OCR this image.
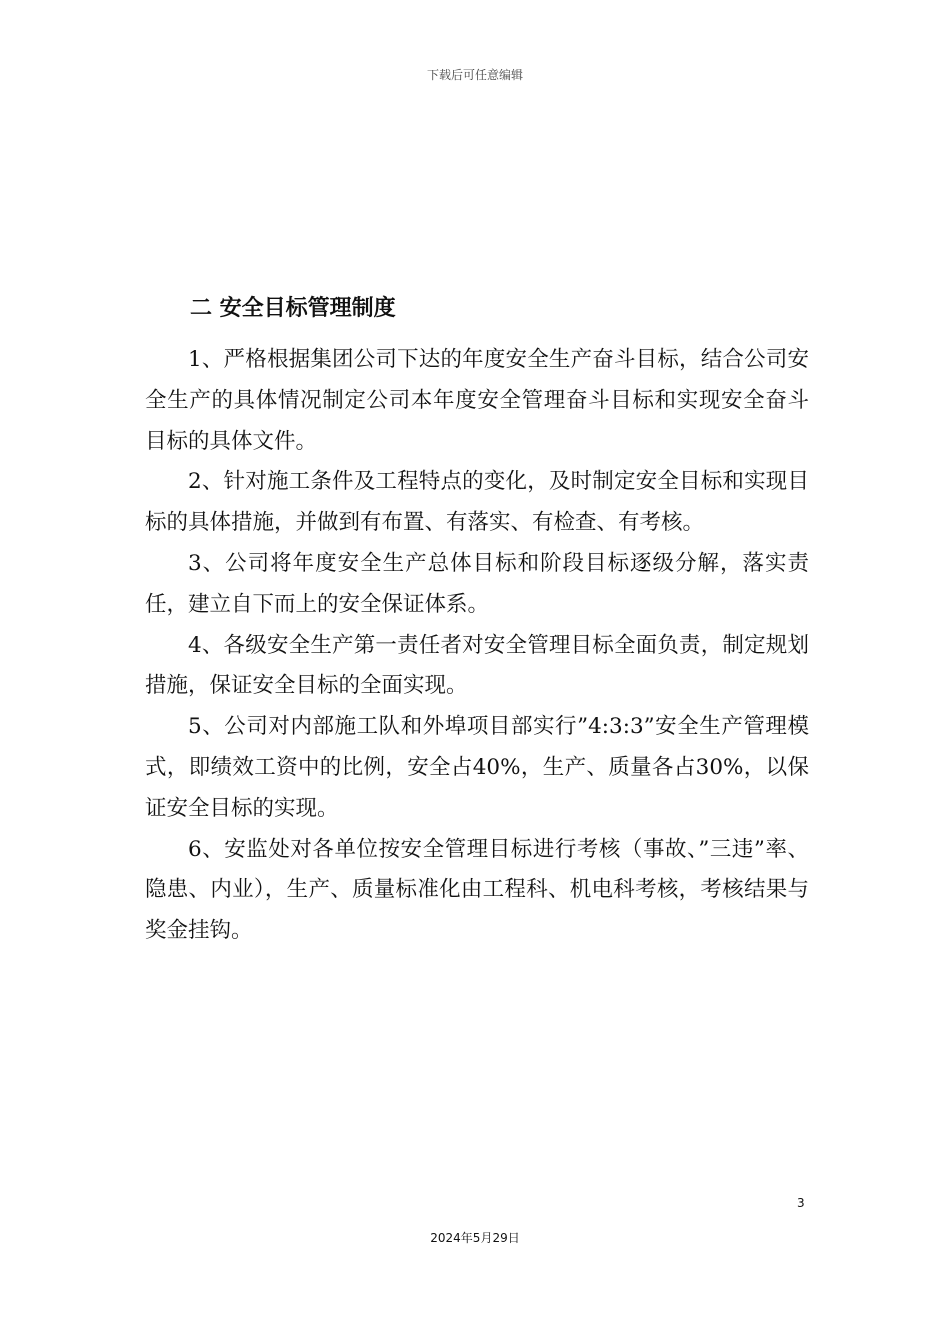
下载后可任意编辑
二 安全目标管理制度

1、严格根据集团公司下达的年度安全生产奋斗目标，结合公司安全生产的具体情况制定公司本年度安全管理奋斗目标和实现安全奋斗目标的具体文件。

2、针对施工条件及工程特点的变化，及时制定安全目标和实现目标的具体措施，并做到有布置、有落实、有检查、有考核。

3、公司将年度安全生产总体目标和阶段目标逐级分解，落实责任，建立自下而上的安全保证体系。

4、各级安全生产第一责任者对安全管理目标全面负责，制定规划措施，保证安全目标的全面实现。

5、公司对内部施工队和外埠项目部实行”4:3:3”安全生产管理模式，即绩效工资中的比例，安全占40%，生产、质量各占30%，以保证安全目标的实现。

6、安监处对各单位按安全管理目标进行考核（事故、”三违”率、隐患、内业），生产、质量标准化由工程科、机电科考核，考核结果与奖金挂钩。

3
2024年5月29日
